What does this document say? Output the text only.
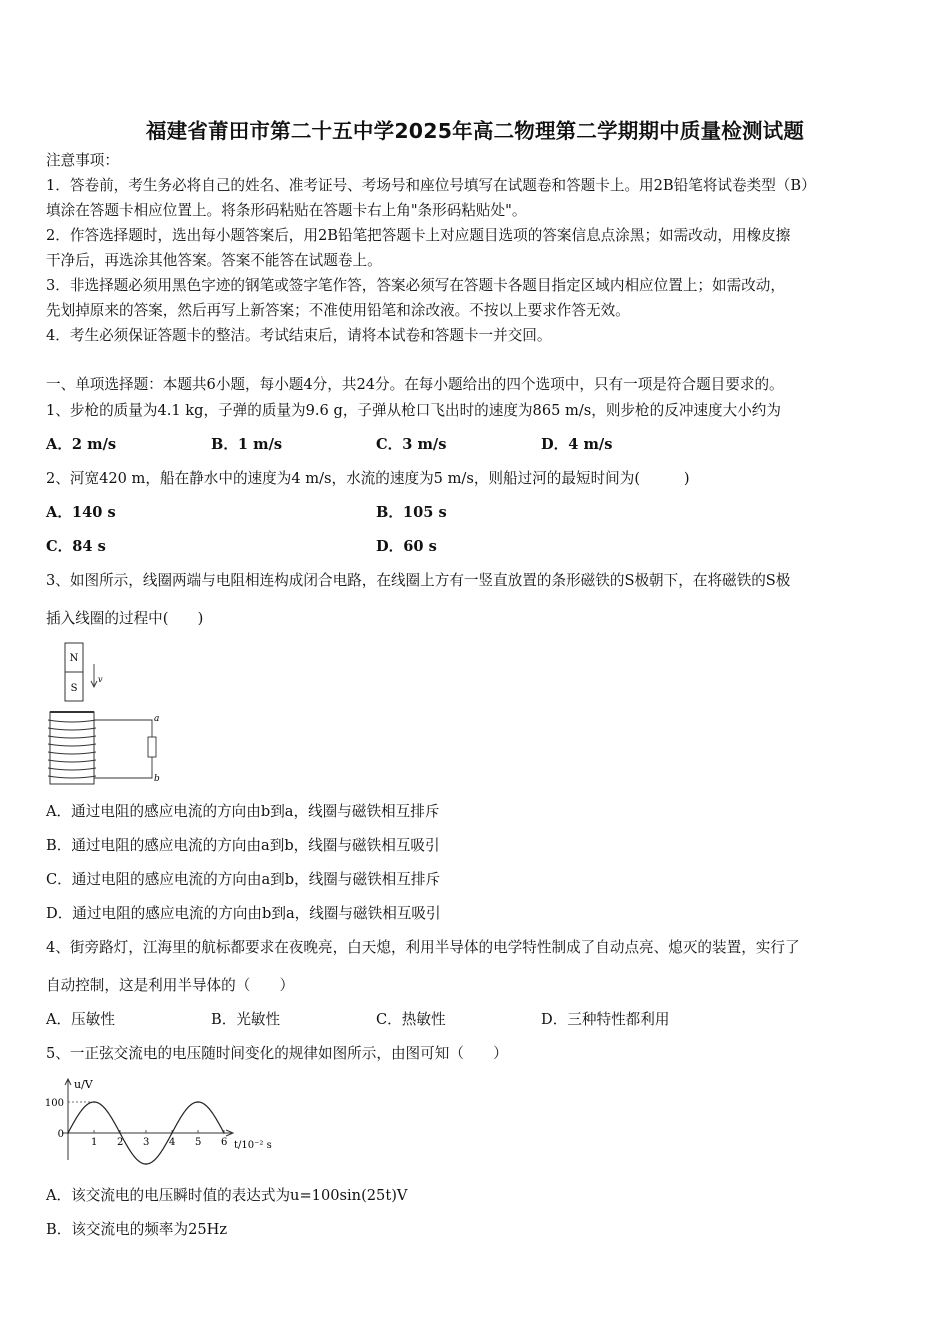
福建省莆田市第二十五中学2025年高二物理第二学期期中质量检测试题
注意事项：
1．答卷前，考生务必将自己的姓名、准考证号、考场号和座位号填写在试题卷和答题卡上。用2B铅笔将试卷类型（B）
填涂在答题卡相应位置上。将条形码粘贴在答题卡右上角"条形码粘贴处"。
2．作答选择题时，选出每小题答案后，用2B铅笔把答题卡上对应题目选项的答案信息点涂黑；如需改动，用橡皮擦
干净后，再选涂其他答案。答案不能答在试题卷上。
3．非选择题必须用黑色字迹的钢笔或签字笔作答，答案必须写在答题卡各题目指定区域内相应位置上；如需改动，
先划掉原来的答案，然后再写上新答案；不准使用铅笔和涂改液。不按以上要求作答无效。
4．考生必须保证答题卡的整洁。考试结束后，请将本试卷和答题卡一并交回。
一、单项选择题：本题共6小题，每小题4分，共24分。在每小题给出的四个选项中，只有一项是符合题目要求的。
1、步枪的质量为4.1 kg，子弹的质量为9.6 g，子弹从枪口飞出时的速度为865 m/s，则步枪的反冲速度大小约为
A．2 m/s	B．1 m/s	C．3 m/s	D．4 m/s
2、河宽420 m，船在静水中的速度为4 m/s，水流的速度为5 m/s，则船过河的最短时间为(　　　)
A．140 s	B．105 s
C．84 s	D．60 s
3、如图所示，线圈两端与电阻相连构成闭合电路，在线圈上方有一竖直放置的条形磁铁的S极朝下，在将磁铁的S极
插入线圈的过程中(　　)
N
S
v
a
b
A．通过电阻的感应电流的方向由b到a，线圈与磁铁相互排斥
B．通过电阻的感应电流的方向由a到b，线圈与磁铁相互吸引
C．通过电阻的感应电流的方向由a到b，线圈与磁铁相互排斥
D．通过电阻的感应电流的方向由b到a，线圈与磁铁相互吸引
4、街旁路灯，江海里的航标都要求在夜晚亮，白天熄，利用半导体的电学特性制成了自动点亮、熄灭的装置，实行了
自动控制，这是利用半导体的（　　）
A．压敏性	B．光敏性	C．热敏性	D．三种特性都利用
5、一正弦交流电的电压随时间变化的规律如图所示，由图可知（　　）
u/V
t/10⁻² s
1 2 3 4 5 6
100
0
A．该交流电的电压瞬时值的表达式为u=100sin(25t)V
B．该交流电的频率为25Hz
